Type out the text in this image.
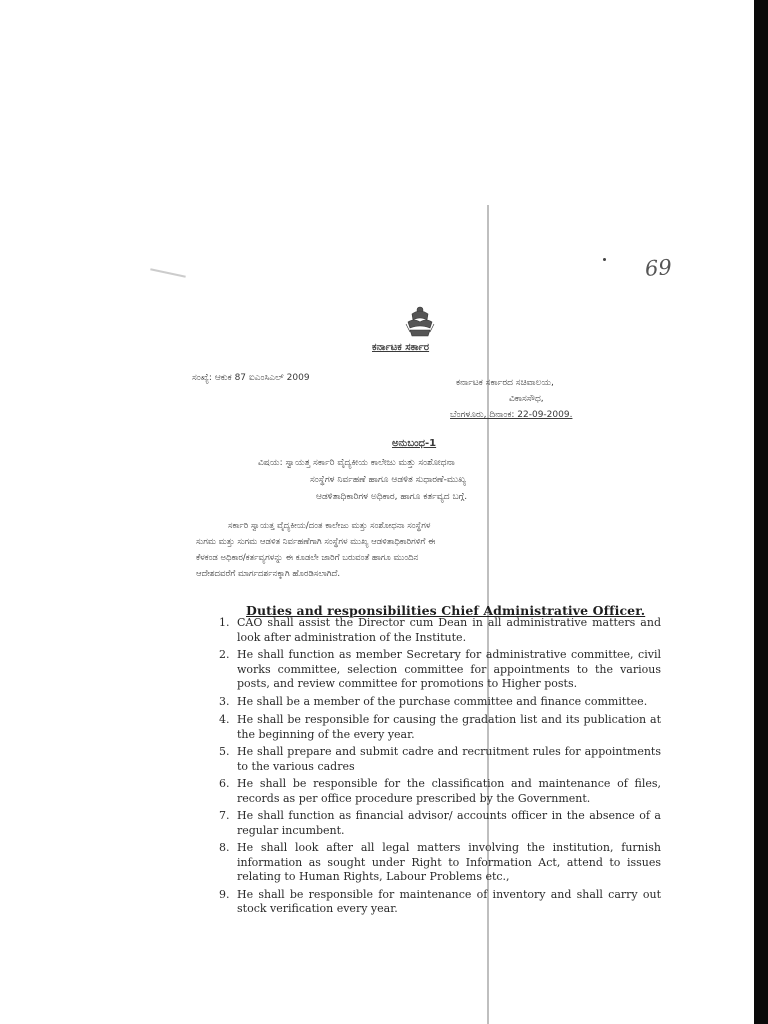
69
ಕರ್ನಾಟಕ ಸರ್ಕಾರ
ಸಂಖ್ಯೆ: ಆಕುಕ 87 ಐಎಂಸಿಎಲ್ 2009	ಕರ್ನಾಟಕ ಸರ್ಕಾರದ ಸಚಿವಾಲಯ,
ವಿಕಾಸಸೌಧ,
ಬೆಂಗಳೂರು, ದಿನಾಂಕ: 22-09-2009.
ಅನುಬಂಧ-1
ವಿಷಯ: ಸ್ವಾಯತ್ತ ಸರ್ಕಾರಿ ವೈದ್ಯಕೀಯ ಕಾಲೇಜು ಮತ್ತು ಸಂಶೋಧನಾ
ಸಂಸ್ಥೆಗಳ ನಿರ್ವಹಣೆ ಹಾಗೂ ಆಡಳಿತ ಸುಧಾರಣೆ-ಮುಖ್ಯ
ಆಡಳಿತಾಧಿಕಾರಿಗಳ ಅಧಿಕಾರ, ಹಾಗೂ ಕರ್ತವ್ಯದ ಬಗ್ಗೆ.
ಸರ್ಕಾರಿ ಸ್ವಾಯತ್ತ ವೈದ್ಯಕೀಯ/ದಂತ ಕಾಲೇಜು ಮತ್ತು ಸಂಶೋಧನಾ ಸಂಸ್ಥೆಗಳ
ಸುಗಮ ಮತ್ತು ಸುಗಮ ಆಡಳಿತ ನಿರ್ವಹಣೆಗಾಗಿ ಸಂಸ್ಥೆಗಳ ಮುಖ್ಯ ಆಡಳಿತಾಧಿಕಾರಿಗಳಿಗೆ ಈ
ಕೆಳಕಂಡ ಅಧಿಕಾರ/ಕರ್ತವ್ಯಗಳನ್ನು ಈ ಕೂಡಲೇ ಜಾರಿಗೆ ಬರುವಂತೆ ಹಾಗೂ ಮುಂದಿನ
ಆದೇಶದವರೆಗೆ ಮಾರ್ಗದರ್ಶನಕ್ಕಾಗಿ ಹೊರಡಿಸಲಾಗಿದೆ.
Duties and responsibilities Chief Administrative Officer.
1. CAO shall assist the Director cum Dean in all administrative matters and look after administration of the Institute.
2. He shall function as member Secretary for administrative committee, civil works committee, selection committee for appointments to the various posts, and review committee for promotions to Higher posts.
3. He shall be a member of the purchase committee and finance committee.
4. He shall be responsible for causing the gradation list and its publication at the beginning of the every year.
5. He shall prepare and submit cadre and recruitment rules for appointments to the various cadres
6. He shall be responsible for the classification and maintenance of files, records as per office procedure prescribed by the Government.
7. He shall function as financial advisor/ accounts officer in the absence of a regular incumbent.
8. He shall look after all legal matters involving the institution, furnish information as sought under Right to Information Act, attend to issues relating to Human Rights, Labour Problems etc.,
9. He shall be responsible for maintenance of inventory and shall carry out stock verification every year.
